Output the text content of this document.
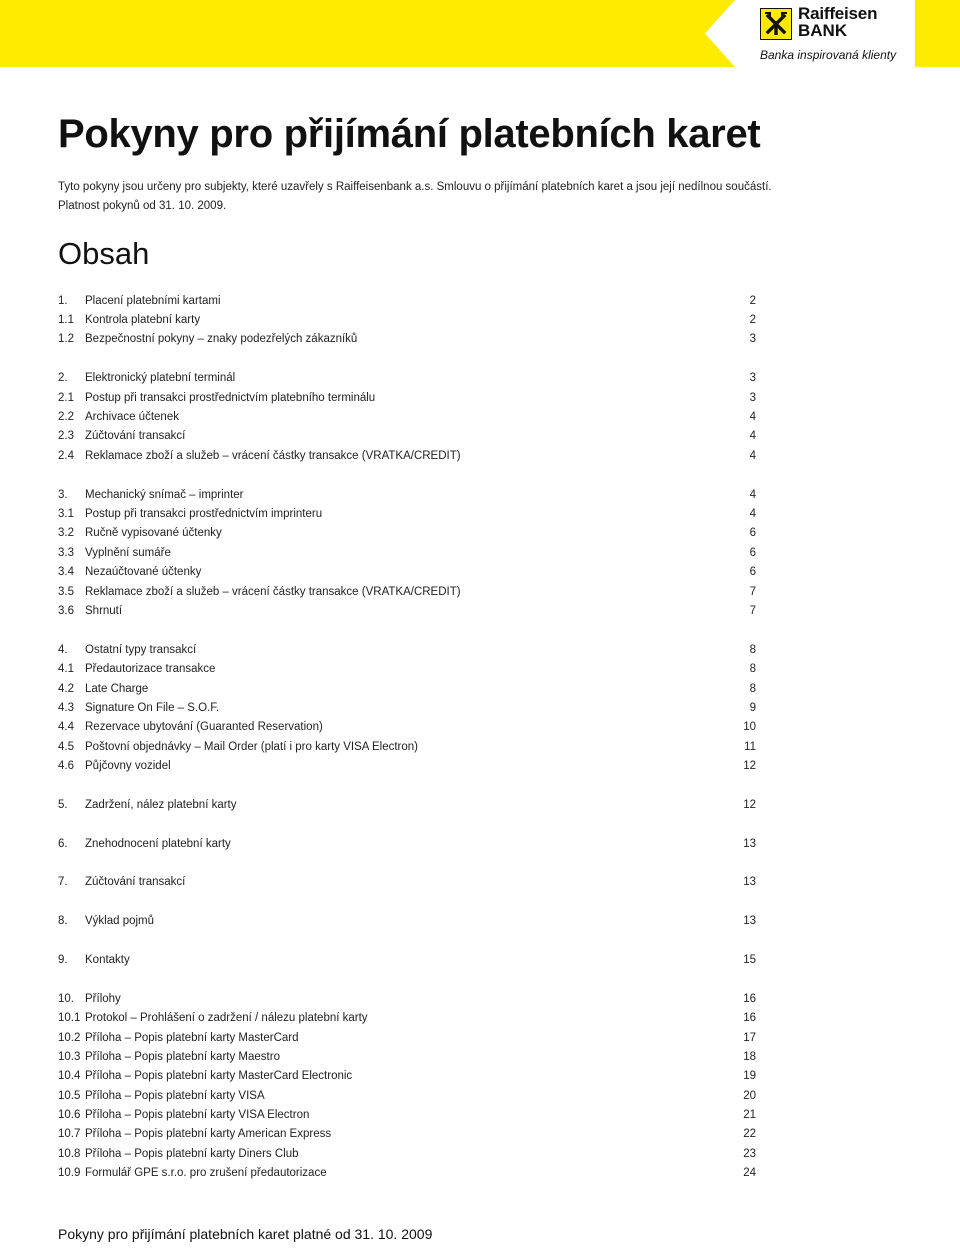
Raiffeisen
BANK
Banka inspirovaná klienty
Pokyny pro přijímání platebních karet

Tyto pokyny jsou určeny pro subjekty, které uzavřely s Raiffeisenbank a.s. Smlouvu o přijímání platebních karet a jsou její nedílnou součástí.

Platnost pokynů od 31. 10. 2009.

Obsah
1.	Placení platebními kartami	2
1.1 Kontrola platební karty	2
1.2 Bezpečnostní pokyny – znaky podezřelých zákazníků	3
2.	Elektronický platební terminál	3
2.1 Postup při transakci prostřednictvím platebního terminálu	3
2.2 Archivace účtenek	4
2.3 Zúčtování transakcí	4
2.4 Reklamace zboží a služeb – vrácení částky transakce (VRATKA/CREDIT)	4
3.	Mechanický snímač – imprinter	4
3.1 Postup při transakci prostřednictvím imprinteru	4
3.2 Ručně vypisované účtenky	6
3.3 Vyplnění sumáře	6
3.4 Nezaúčtované účtenky	6
3.5 Reklamace zboží a služeb – vrácení částky transakce (VRATKA/CREDIT)	7
3.6 Shrnutí	7
4.	Ostatní typy transakcí	8
4.1 Předautorizace transakce	8
4.2 Late Charge	8
4.3 Signature On File – S.O.F.	9
4.4 Rezervace ubytování (Guaranted Reservation)	10
4.5 Poštovní objednávky – Mail Order (platí i pro karty VISA Electron)	11
4.6 Půjčovny vozidel	12
5.	Zadržení, nález platební karty	12
6.	Znehodnocení platební karty	13
7.	Zúčtování transakcí	13
8.	Výklad pojmů	13
9.	Kontakty	15
10. Přílohy	16
10.1 Protokol – Prohlášení o zadržení / nálezu platební karty	16
10.2 Příloha – Popis platební karty MasterCard	17
10.3 Příloha – Popis platební karty Maestro	18
10.4 Příloha – Popis platební karty MasterCard Electronic	19
10.5 Příloha – Popis platební karty VISA	20
10.6 Příloha – Popis platební karty VISA Electron	21
10.7 Příloha – Popis platební karty American Express	22
10.8 Příloha – Popis platební karty Diners Club	23
10.9 Formulář GPE s.r.o. pro zrušení předautorizace	24
Pokyny pro přijímání platebních karet platné od 31. 10. 2009
